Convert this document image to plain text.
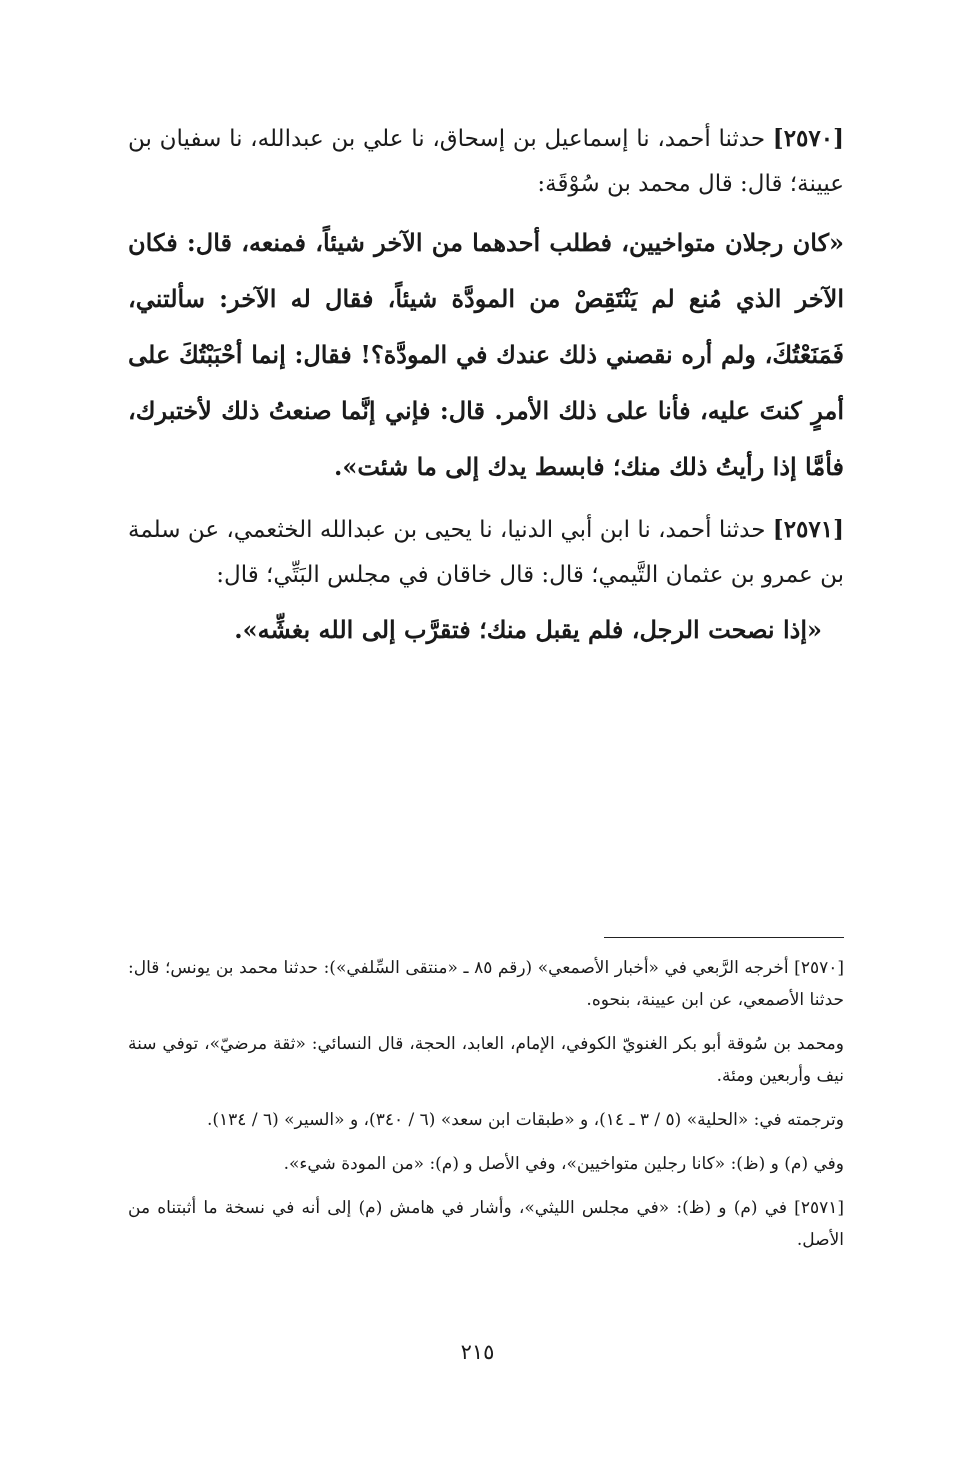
[٢٥٧٠] حدثنا أحمد، نا إسماعيل بن إسحاق، نا علي بن عبدالله، نا سفيان بن عيينة؛ قال: قال محمد بن سُوْقَة:

«كان رجلان متواخيين، فطلب أحدهما من الآخر شيئاً، فمنعه، قال: فكان الآخر الذي مُنع لم يَنْتَقِصْ من المودَّة شيئاً، فقال له الآخر: سألتني، فَمَنَعْتُكَ، ولم أره نقصني ذلك عندك في المودَّة؟! فقال: إنما أحْبَبْتُكَ على أمرٍ كنتَ عليه، فأنا على ذلك الأمر. قال: فإني إنَّما صنعتُ ذلك لأختبرك، فأمَّا إذا رأيتُ ذلك منك؛ فابسط يدك إلى ما شئت».

[٢٥٧١] حدثنا أحمد، نا ابن أبي الدنيا، نا يحيى بن عبدالله الخثعمي، عن سلمة بن عمرو بن عثمان التَّيمي؛ قال: قال خاقان في مجلس البَتِّي؛ قال:

«إذا نصحت الرجل، فلم يقبل منك؛ فتقرَّب إلى الله بغشِّه».

[٢٥٧٠] أخرجه الرَّبعي في «أخبار الأصمعي» (رقم ٨٥ ـ «منتقى السِّلفي»): حدثنا محمد بن يونس؛ قال: حدثنا الأصمعي، عن ابن عيينة، بنحوه.

ومحمد بن سُوقة أبو بكر الغنويّ الكوفي، الإمام، العابد، الحجة، قال النسائي: «ثقة مرضيّ»، توفي سنة نيف وأربعين ومئة.

وترجمته في: «الحلية» (٥ / ٣ ـ ١٤)، و «طبقات ابن سعد» (٦ / ٣٤٠)، و «السير» (٦ / ١٣٤).

وفي (م) و (ظ): «كانا رجلين متواخيين»، وفي الأصل و (م): «من المودة شيء».

[٢٥٧١] في (م) و (ظ): «في مجلس الليثي»، وأشار في هامش (م) إلى أنه في نسخة ما أثبتناه من الأصل.

٢١٥
